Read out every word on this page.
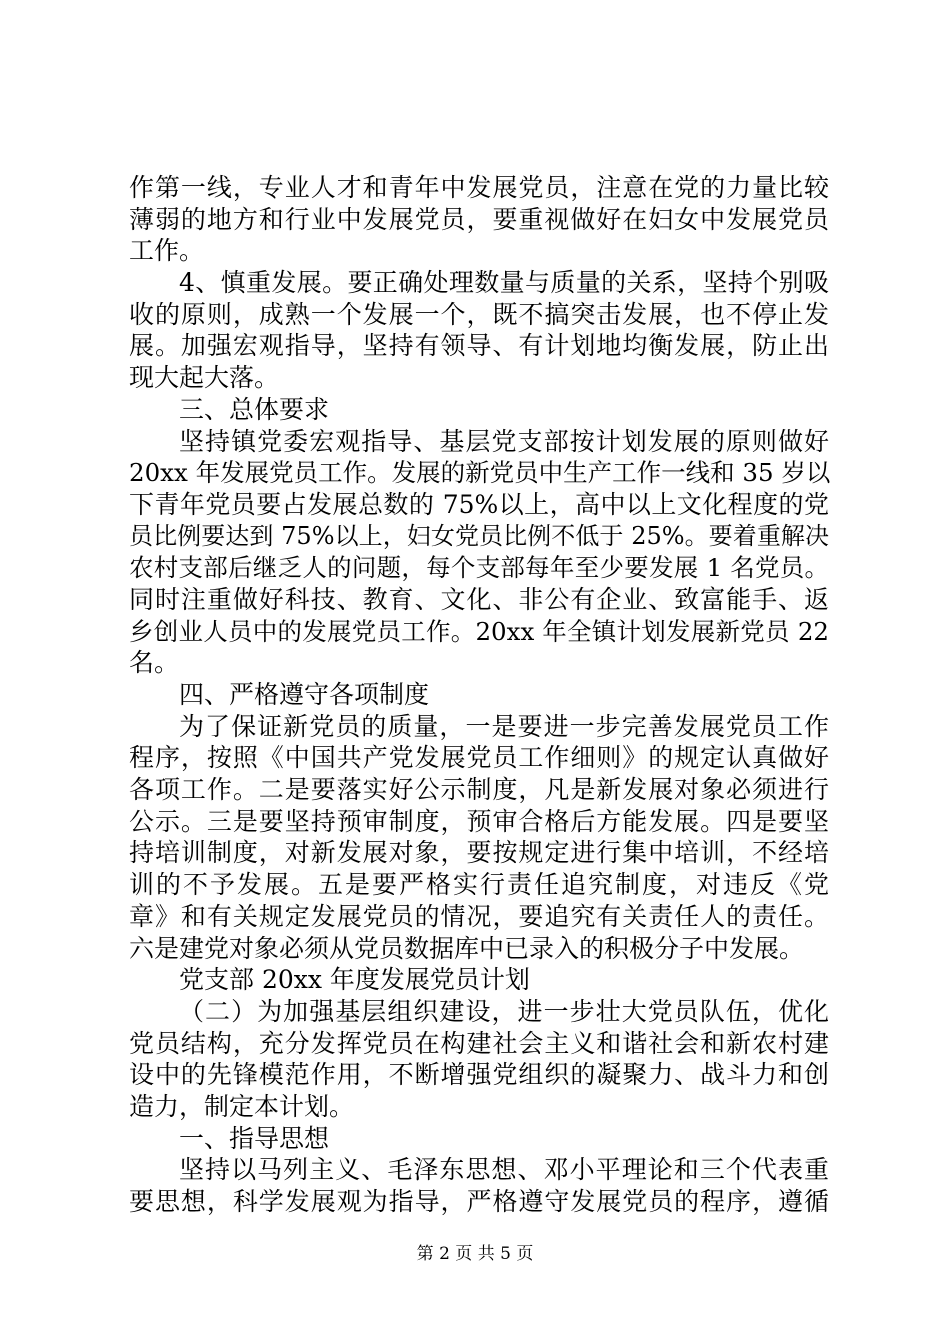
作第一线，专业人才和青年中发展党员，注意在党的力量比较
薄弱的地方和行业中发展党员，要重视做好在妇女中发展党员
工作。
4、慎重发展。要正确处理数量与质量的关系，坚持个别吸
收的原则，成熟一个发展一个，既不搞突击发展，也不停止发
展。加强宏观指导，坚持有领导、有计划地均衡发展，防止出
现大起大落。
三、总体要求
坚持镇党委宏观指导、基层党支部按计划发展的原则做好
20xx 年发展党员工作。发展的新党员中生产工作一线和 35 岁以
下青年党员要占发展总数的 75%以上，高中以上文化程度的党
员比例要达到 75%以上，妇女党员比例不低于 25%。要着重解决
农村支部后继乏人的问题，每个支部每年至少要发展 1 名党员。
同时注重做好科技、教育、文化、非公有企业、致富能手、返
乡创业人员中的发展党员工作。20xx 年全镇计划发展新党员 22
名。
四、严格遵守各项制度
为了保证新党员的质量，一是要进一步完善发展党员工作
程序，按照《中国共产党发展党员工作细则》的规定认真做好
各项工作。二是要落实好公示制度，凡是新发展对象必须进行
公示。三是要坚持预审制度，预审合格后方能发展。四是要坚
持培训制度，对新发展对象，要按规定进行集中培训，不经培
训的不予发展。五是要严格实行责任追究制度，对违反《党
章》和有关规定发展党员的情况，要追究有关责任人的责任。
六是建党对象必须从党员数据库中已录入的积极分子中发展。
党支部 20xx 年度发展党员计划
（二）为加强基层组织建设，进一步壮大党员队伍，优化
党员结构，充分发挥党员在构建社会主义和谐社会和新农村建
设中的先锋模范作用，不断增强党组织的凝聚力、战斗力和创
造力，制定本计划。
一、指导思想
坚持以马列主义、毛泽东思想、邓小平理论和三个代表重
要思想，科学发展观为指导，严格遵守发展党员的程序，遵循
第 2 页 共 5 页
